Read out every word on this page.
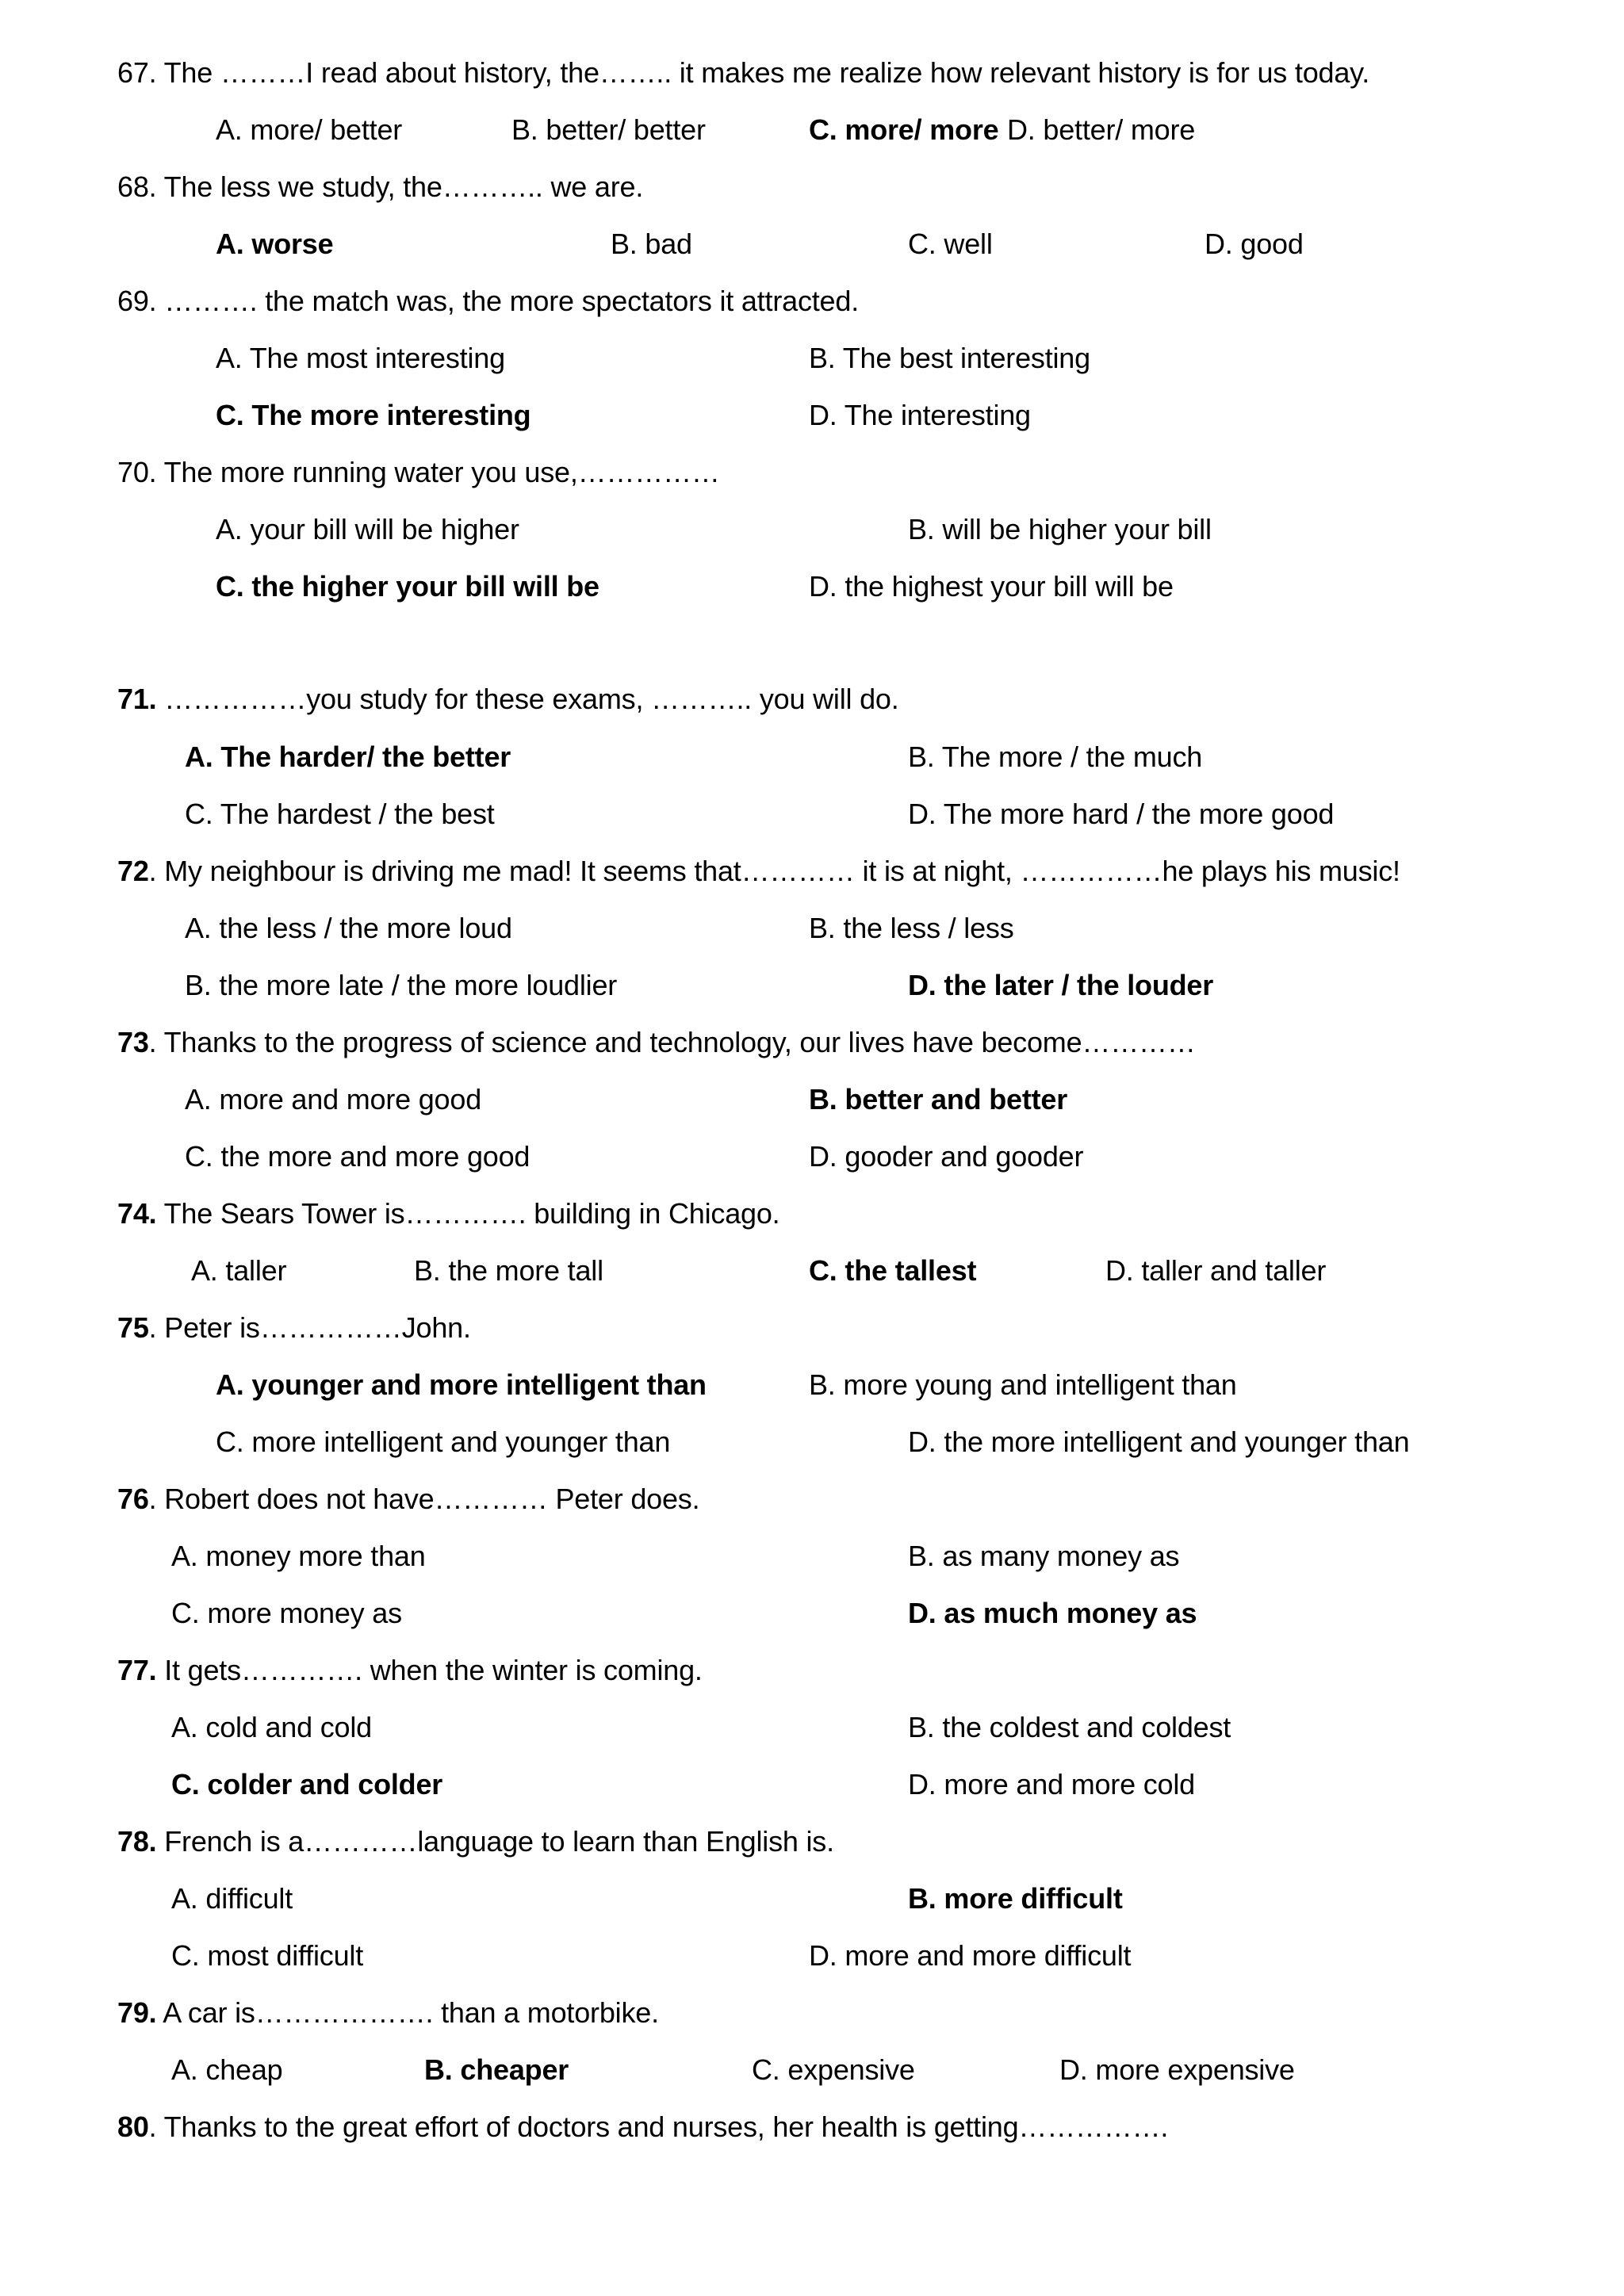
67. The ………I read about history, the…….. it makes me realize how relevant history is for us today.
A. more/ better	B. better/ better	C. more/ more D. better/ more
68. The less we study, the……….. we are.
A. worse	B. bad	C. well	D. good
69. ………. the match was, the more spectators it attracted.
A. The most interesting	B. The best interesting
C. The more interesting	D. The interesting
70. The more running water you use,……………
A. your bill will be higher	B. will be higher your bill
C. the higher your bill will be	D. the highest your bill will be
71. ……………you study for these exams, ……….. you will do.
A. The harder/ the better	B. The more / the much
C. The hardest / the best	D. The more hard / the more good
72. My neighbour is driving me mad! It seems that………… it is at night, ……………he plays his music!
A. the less / the more loud	B. the less / less
B. the more late / the more loudlier	D. the later / the louder
73. Thanks to the progress of science and technology, our lives have become…………
A. more and more good	B. better and better
C. the more and more good	D. gooder and gooder
74. The Sears Tower is…………. building in Chicago.
A. taller	B. the more tall	C. the tallest	D. taller and taller
75. Peter is……………John.
A. younger and more intelligent than	B. more young and intelligent than
C. more intelligent and younger than	D. the more intelligent and younger than
76. Robert does not have………… Peter does.
A. money more than	B. as many money as
C. more money as	D. as much money as
77. It gets…………. when the winter is coming.
A. cold and cold	B. the coldest and coldest
C. colder and colder	D. more and more cold
78. French is a…………language to learn than English is.
A. difficult	B. more difficult
C. most difficult	D. more and more difficult
79. A car is………………. than a motorbike.
A. cheap	B. cheaper	C. expensive	D. more expensive
80. Thanks to the great effort of doctors and nurses, her health is getting…………….
